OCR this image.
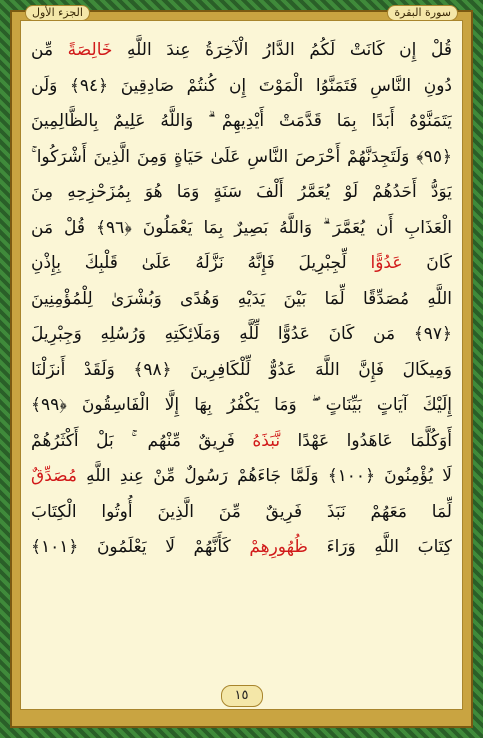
الجزء الأول	سورة البقرة
قُلْ إِن كَانَتْ لَكُمُ الدَّارُ الْآخِرَةُ عِندَ اللَّهِ خَالِصَةً مِّن
دُونِ النَّاسِ فَتَمَنَّوُا الْمَوْتَ إِن كُنتُمْ صَادِقِينَ ﴿٩٤﴾ وَلَن
يَتَمَنَّوْهُ أَبَدًا بِمَا قَدَّمَتْ أَيْدِيهِمْ ۗ وَاللَّهُ عَلِيمٌ بِالظَّالِمِينَ
﴿٩٥﴾ وَلَتَجِدَنَّهُمْ أَحْرَصَ النَّاسِ عَلَىٰ حَيَاةٍ وَمِنَ الَّذِينَ أَشْرَكُوا ۚ
يَوَدُّ أَحَدُهُمْ لَوْ يُعَمَّرُ أَلْفَ سَنَةٍ وَمَا هُوَ بِمُزَحْزِحِهِ مِنَ
الْعَذَابِ أَن يُعَمَّرَ ۗ وَاللَّهُ بَصِيرٌ بِمَا يَعْمَلُونَ ﴿٩٦﴾ قُلْ مَن
كَانَ عَدُوًّا لِّجِبْرِيلَ فَإِنَّهُ نَزَّلَهُ عَلَىٰ قَلْبِكَ بِإِذْنِ
اللَّهِ مُصَدِّقًا لِّمَا بَيْنَ يَدَيْهِ وَهُدًى وَبُشْرَىٰ لِلْمُؤْمِنِينَ
﴿٩٧﴾ مَن كَانَ عَدُوًّا لِّلَّهِ وَمَلَائِكَتِهِ وَرُسُلِهِ وَجِبْرِيلَ
وَمِيكَالَ فَإِنَّ اللَّهَ عَدُوٌّ لِّلْكَافِرِينَ ﴿٩٨﴾ وَلَقَدْ أَنزَلْنَا
إِلَيْكَ آيَاتٍ بَيِّنَاتٍ ۖ وَمَا يَكْفُرُ بِهَا إِلَّا الْفَاسِقُونَ ﴿٩٩﴾
أَوَكُلَّمَا عَاهَدُوا عَهْدًا نَّبَذَهُ فَرِيقٌ مِّنْهُم ۚ بَلْ أَكْثَرُهُمْ
لَا يُؤْمِنُونَ ﴿١٠٠﴾ وَلَمَّا جَاءَهُمْ رَسُولٌ مِّنْ عِندِ اللَّهِ مُصَدِّقٌ
لِّمَا مَعَهُمْ نَبَذَ فَرِيقٌ مِّنَ الَّذِينَ أُوتُوا الْكِتَابَ
كِتَابَ اللَّهِ وَرَاءَ ظُهُورِهِمْ كَأَنَّهُمْ لَا يَعْلَمُونَ ﴿١٠١﴾
١٥
